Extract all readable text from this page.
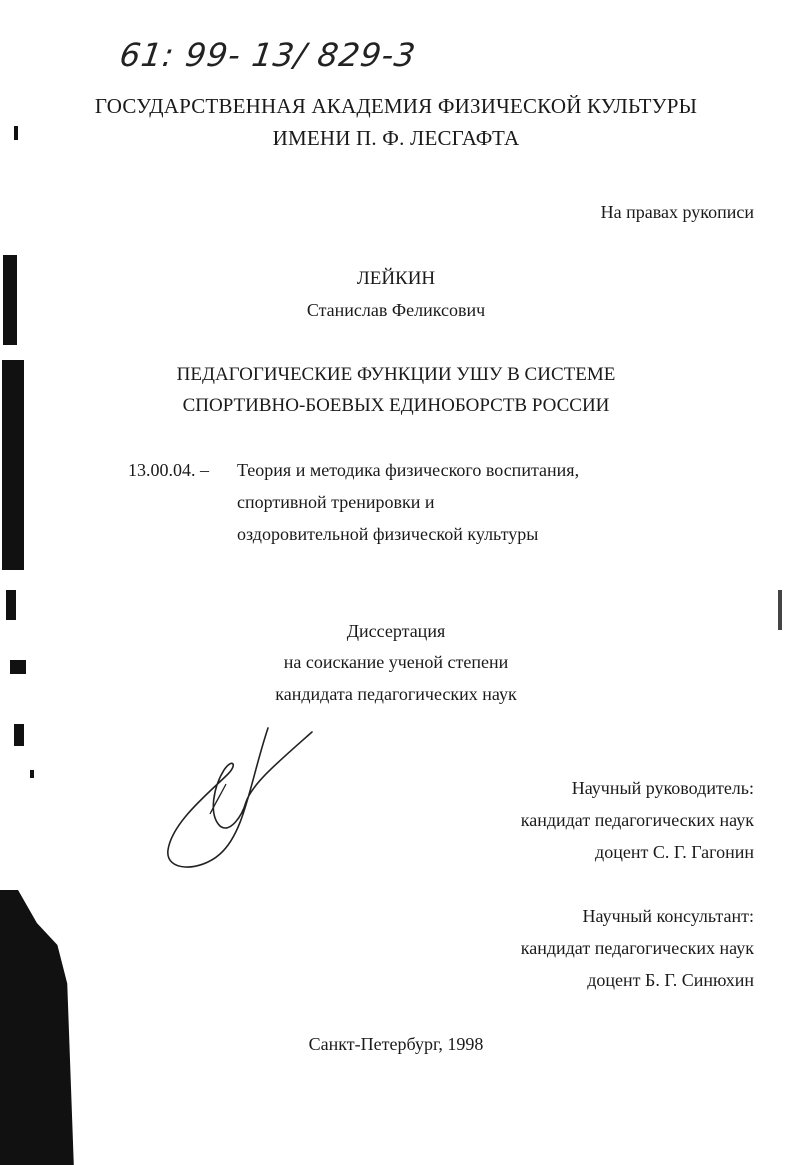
61: 99- 13/ 829-3
ГОСУДАРСТВЕННАЯ АКАДЕМИЯ ФИЗИЧЕСКОЙ КУЛЬТУРЫ
ИМЕНИ П. Ф. ЛЕСГАФТА
На правах рукописи
ЛЕЙКИН
Станислав Феликсович
ПЕДАГОГИЧЕСКИЕ ФУНКЦИИ УШУ В СИСТЕМЕ
СПОРТИВНО-БОЕВЫХ ЕДИНОБОРСТВ РОССИИ
13.00.04. – Теория и методика физического воспитания,
спортивной тренировки и
оздоровительной физической культуры
Диссертация
на соискание ученой степени
кандидата педагогических наук
Научный руководитель:
кандидат педагогических наук
доцент С. Г. Гагонин
Научный консультант:
кандидат педагогических наук
доцент Б. Г. Синюхин
Санкт-Петербург, 1998
